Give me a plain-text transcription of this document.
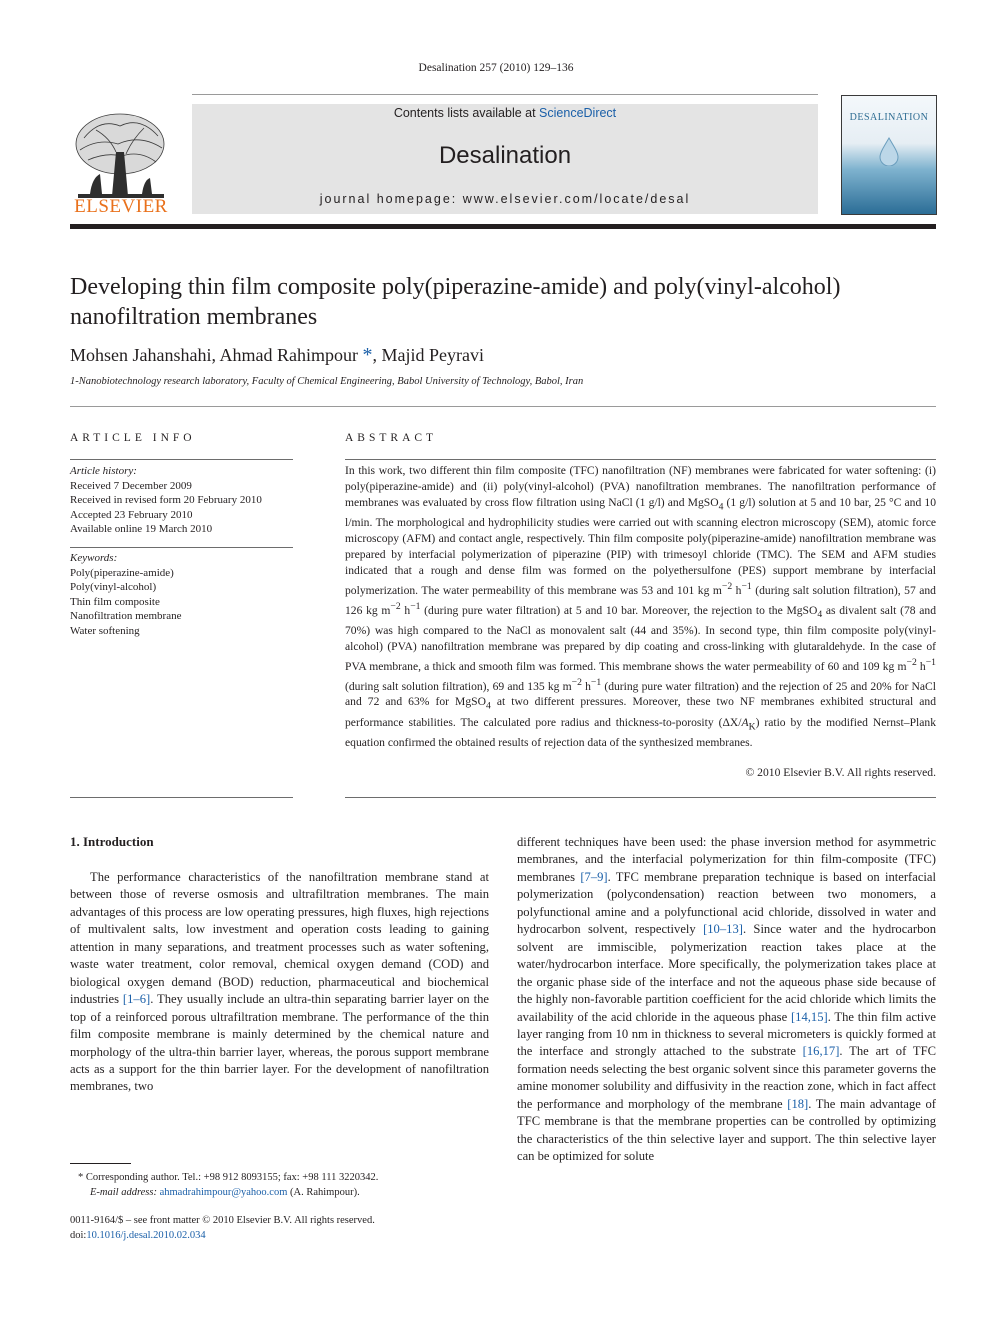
Desalination 257 (2010) 129–136
ELSEVIER
Contents lists available at ScienceDirect
Desalination
journal homepage: www.elsevier.com/locate/desal
DESALINATION
Developing thin film composite poly(piperazine-amide) and poly(vinyl-alcohol)
nanofiltration membranes
Mohsen Jahanshahi, Ahmad Rahimpour *, Majid Peyravi
1-Nanobiotechnology research laboratory, Faculty of Chemical Engineering, Babol University of Technology, Babol, Iran
ARTICLE INFO	ABSTRACT
Article history:
Received 7 December 2009
Received in revised form 20 February 2010
Accepted 23 February 2010
Available online 19 March 2010
Keywords:
Poly(piperazine-amide)
Poly(vinyl-alcohol)
Thin film composite
Nanofiltration membrane
Water softening
In this work, two different thin film composite (TFC) nanofiltration (NF) membranes were fabricated for water softening: (i) poly(piperazine-amide) and (ii) poly(vinyl-alcohol) (PVA) nanofiltration membranes. The nanofiltration performance of membranes was evaluated by cross flow filtration using NaCl (1 g/l) and MgSO$_4$ (1 g/l) solution at 5 and 10 bar, 25 °C and 10 l/min. The morphological and hydrophilicity studies were carried out with scanning electron microscopy (SEM), atomic force microscopy (AFM) and contact angle, respectively. Thin film composite poly(piperazine-amide) nanofiltration membrane was prepared by interfacial polymerization of piperazine (PIP) with trimesoyl chloride (TMC). The SEM and AFM studies indicated that a rough and dense film was formed on the polyethersulfone (PES) support membrane by interfacial polymerization. The water permeability of this membrane was 53 and 101 kg $m^{-2}$ $h^{-1}$ (during salt solution filtration), 57 and 126 kg $m^{-2}$ $h^{-1}$ (during pure water filtration) at 5 and 10 bar. Moreover, the rejection to the MgSO$_4$ as divalent salt (78 and 70%) was high compared to the NaCl as monovalent salt (44 and 35%). In second type, thin film composite poly(vinyl-alcohol) (PVA) nanofiltration membrane was prepared by dip coating and cross-linking with glutaraldehyde. In the case of PVA membrane, a thick and smooth film was formed. This membrane shows the water permeability of 60 and 109 kg $m^{-2}$ $h^{-1}$ (during salt solution filtration), 69 and 135 kg $m^{-2}$ $h^{-1}$ (during pure water filtration) and the rejection of 25 and 20% for NaCl and 72 and 63% for MgSO$_4$ at two different pressures. Moreover, these two NF membranes exhibited structural and performance stabilities. The calculated pore radius and thickness-to-porosity $(\Delta X/A_K)$ ratio by the modified Nernst–Plank equation confirmed the obtained results of rejection data of the synthesized membranes.
© 2010 Elsevier B.V. All rights reserved.
1. Introduction
The performance characteristics of the nanofiltration membrane stand at between those of reverse osmosis and ultrafiltration membranes. The main advantages of this process are low operating pressures, high fluxes, high rejections of multivalent salts, low investment and operation costs leading to gaining attention in many separations, and treatment processes such as water softening, waste water treatment, color removal, chemical oxygen demand (COD) and biological oxygen demand (BOD) reduction, pharmaceutical and biochemical industries [1–6]. They usually include an ultra-thin separating barrier layer on the top of a reinforced porous ultrafiltration membrane. The performance of the thin film composite membrane is mainly determined by the chemical nature and morphology of the ultra-thin barrier layer, whereas, the porous support membrane acts as a support for the thin barrier layer. For the development of nanofiltration membranes, two
different techniques have been used: the phase inversion method for asymmetric membranes, and the interfacial polymerization for thin film-composite (TFC) membranes [7–9]. TFC membrane preparation technique is based on interfacial polymerization (polycondensation) reaction between two monomers, a polyfunctional amine and a polyfunctional acid chloride, dissolved in water and hydrocarbon solvent, respectively [10–13]. Since water and the hydrocarbon solvent are immiscible, polymerization reaction takes place at the water/hydrocarbon interface. More specifically, the polymerization takes place at the organic phase side of the interface and not the aqueous phase side because of the highly non-favorable partition coefficient for the acid chloride which limits the availability of the acid chloride in the aqueous phase [14,15]. The thin film active layer ranging from 10 nm in thickness to several micrometers is quickly formed at the interface and strongly attached to the substrate [16,17]. The art of TFC formation needs selecting the best organic solvent since this parameter governs the amine monomer solubility and diffusivity in the reaction zone, which in fact affect the performance and morphology of the membrane [18]. The main advantage of TFC membrane is that the membrane properties can be controlled by optimizing the characteristics of the thin selective layer and support. The thin selective layer can be optimized for solute
* Corresponding author. Tel.: +98 912 8093155; fax: +98 111 3220342.
E-mail address: ahmadrahimpour@yahoo.com (A. Rahimpour).
0011-9164/$ – see front matter © 2010 Elsevier B.V. All rights reserved.
doi:10.1016/j.desal.2010.02.034
